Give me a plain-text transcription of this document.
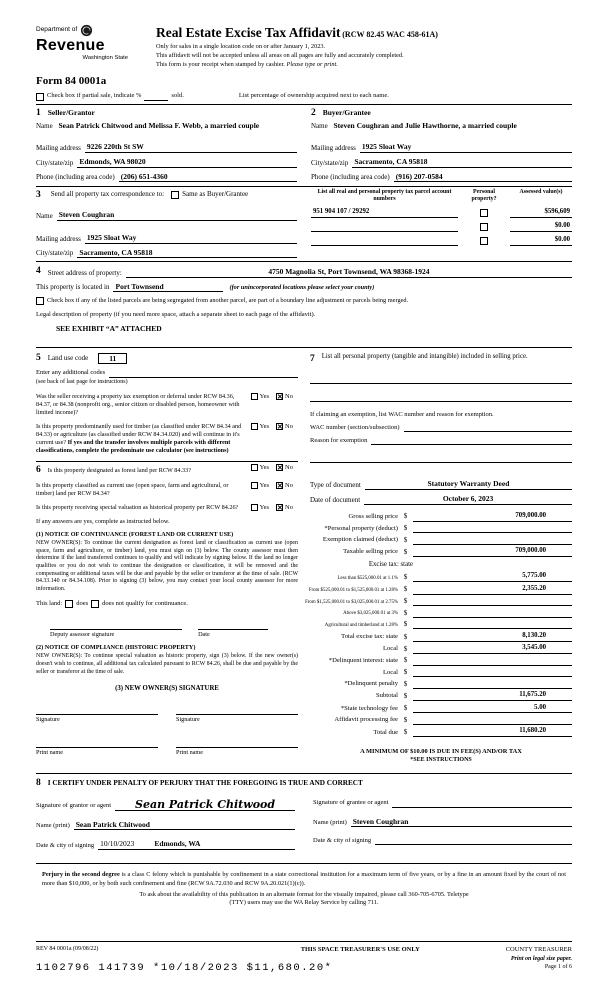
Department of
Revenue
Washington State
Real Estate Excise Tax Affidavit (RCW 82.45 WAC 458-61A)
Only for sales in a single location code on or after January 1, 2023.
This affidavit will not be accepted unless all areas on all pages are fully and accurately completed.
This form is your receipt when stamped by cashier. Please type or print.
Form 84 0001a
Check box if partial sale, indicate %	sold.	List percentage of ownership acquired next to each name.
1 Seller/Grantor
Name Sean Patrick Chitwood and Melissa F. Webb, a married couple
Mailing address 9226 220th St SW
City/state/zip Edmonds, WA 98020
Phone (including area code) (206) 651-4360
2 Buyer/Grantee
Name Steven Coughran and Julie Hawthorne, a married couple
Mailing address 1925 Sloat Way
City/state/zip Sacramento, CA 95818
Phone (including area code) (916) 207-0584
3 Send all property tax correspondence to:	Same as Buyer/Grantee
Name Steven Coughran
Mailing address 1925 Sloat Way
City/state/zip Sacramento, CA 95818
List all real and personal property tax parcel account numbers
Personal property?
Assessed value(s)
951 904 107 / 29292	$596,609
$0.00
$0.00
4 Street address of property:	4750 Magnolia St, Port Townsend, WA 98368-1924
This property is located in Port Townsend	(for unincorporated locations please select your county)
Check box if any of the listed parcels are being segregated from another parcel, are part of a boundary line adjustment or parcels being merged.
Legal description of property (if you need more space, attach a separate sheet to each page of the affidavit).
SEE EXHIBIT “A” ATTACHED
5 Land use code	11
Enter any additional codes
(see back of last page for instructions)
Was the seller receiving a property tax exemption or deferral under RCW 84.36, 84.37, or 84.38 (nonprofit org., senior citizen or disabled person, homeowner with limited income)?
Yes ✕ No
Is this property predominantly used for timber (as classified under RCW 84.34 and 84.33) or agriculture (as classified under RCW 84.34.020) and will continue in it's current use? If yes and the transfer involves multiple parcels with different classifications, complete the predominate use calculator (see instructions)
Yes ✕ No
6 Is this property designated as forest land per RCW 84.33?	Yes ✕ No
Is this property classified as current use (open space, farm and agricultural, or timber) land per RCW 84.34?
Yes ✕ No
Is this property receiving special valuation as historical property per RCW 84.26?	Yes ✕ No
If any answers are yes, complete as instructed below.
(1) NOTICE OF CONTINUANCE (FOREST LAND OR CURRENT USE)
NEW OWNER(S): To continue the current designation as forest land or classification as current use (open space, farm and agriculture, or timber) land, you must sign on (3) below. The county assessor must then determine if the land transferred continues to qualify and will indicate by signing below. If the land no longer qualifies or you do not wish to continue the designation or classification, it will be removed and the compensating or additional taxes will be due and payable by the seller or transferor at the time of sale. (RCW 84.33.140 or 84.34.108). Prior to signing (3) below, you may contact your local county assessor for more information.
This land: does does not qualify for continuance.
Deputy assessor signature	Date
(2) NOTICE OF COMPLIANCE (HISTORIC PROPERTY)
NEW OWNER(S): To continue special valuation as historic property, sign (3) below. If the new owner(s) doesn't wish to continue, all additional tax calculated pursuant to RCW 84.26, shall be due and payable by the seller or transferor at the time of sale.
(3) NEW OWNER(S) SIGNATURE
Signature	Signature
Print name	Print name
7 List all personal property (tangible and intangible) included in selling price.
If claiming an exemption, list WAC number and reason for exemption.
WAC number (section/subsection)
Reason for exemption
Type of document	Statutory Warranty Deed
Date of document	October 6, 2023
Gross selling price $	709,000.00
*Personal property (deduct) $
Exemption claimed (deduct) $
Taxable selling price $	709,000.00
Excise tax: state
Less than $525,000.01 at 1.1% $	5,775.00
From $525,000.01 to $1,525,000.01 at 1.28% $	2,355.20
From $1,525,000.01 to $3,025,000.01 at 2.75% $
Above $3,025,000.01 at 3% $
Agricultural and timberland at 1.28% $
Total excise tax: state $	8,130.20
Local $	3,545.00
*Delinquent interest: state $
Local $
*Delinquent penalty $
Subtotal $	11,675.20
*State technology fee $	5.00
Affidavit processing fee $
Total due $	11,680.20
A MINIMUM OF $10.00 IS DUE IN FEE(S) AND/OR TAX
*SEE INSTRUCTIONS
8 I CERTIFY UNDER PENALTY OF PERJURY THAT THE FOREGOING IS TRUE AND CORRECT
Signature of grantor or agent	Sean Patrick Chitwood
Name (print) Sean Patrick Chitwood
Date & city of signing 10/10/2023	Edmonds, WA
Signature of grantee or agent
Name (print) Steven Coughran
Date & city of signing
Perjury in the second degree is a class C felony which is punishable by confinement in a state correctional institution for a maximum term of five years, or by a fine in an amount fixed by the court of not more than $10,000, or by both such confinement and fine (RCW 9A.72.030 and RCW 9A.20.021(1)(c)).
To ask about the availability of this publication in an alternate format for the visually impaired, please call 360-705-6705. Teletype
(TTY) users may use the WA Relay Service by calling 711.
REV 84 0001a (09/08/22)
1102796 141739 *10/18/2023 $11,680.20*
THIS SPACE TREASURER'S USE ONLY	COUNTY TREASURER
Print on legal size paper.
Page 1 of 6
